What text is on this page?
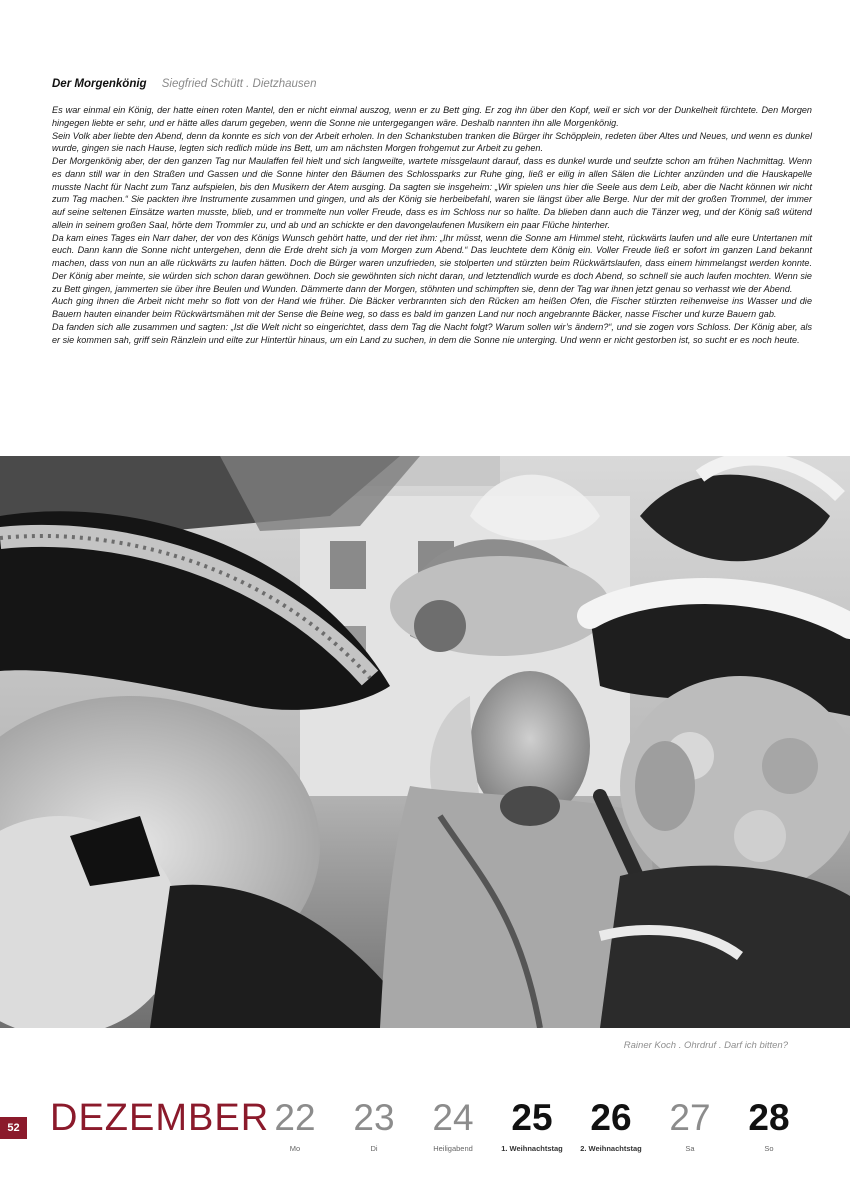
Der Morgenkönig Siegfried Schütt . Dietzhausen

Es war einmal ein König, der hatte einen roten Mantel, den er nicht einmal auszog, wenn er zu Bett ging. Er zog ihn über den Kopf, weil er sich vor der Dunkelheit fürchtete. Den Morgen hingegen liebte er sehr, und er hätte alles darum gegeben, wenn die Sonne nie untergegangen wäre. Deshalb nannten ihn alle Morgenkönig.

Sein Volk aber liebte den Abend, denn da konnte es sich von der Arbeit erholen. In den Schankstuben tranken die Bürger ihr Schöpplein, redeten über Altes und Neues, und wenn es dunkel wurde, gingen sie nach Hause, legten sich redlich müde ins Bett, um am nächsten Morgen frohgemut zur Arbeit zu gehen.

Der Morgenkönig aber, der den ganzen Tag nur Maulaffen feil hielt und sich langweilte, wartete missgelaunt darauf, dass es dunkel wurde und seufzte schon am frühen Nachmittag. Wenn es dann still war in den Straßen und Gassen und die Sonne hinter den Bäumen des Schlossparks zur Ruhe ging, ließ er eilig in allen Sälen die Lichter anzünden und die Hauskapelle musste Nacht für Nacht zum Tanz aufspielen, bis den Musikern der Atem ausging. Da sagten sie insgeheim: „Wir spielen uns hier die Seele aus dem Leib, aber die Nacht können wir nicht zum Tag machen.“ Sie packten ihre Instrumente zusammen und gingen, und als der König sie herbeibefahl, waren sie längst über alle Berge. Nur der mit der großen Trommel, der immer auf seine seltenen Einsätze warten musste, blieb, und er trommelte nun voller Freude, dass es im Schloss nur so hallte. Da blieben dann auch die Tänzer weg, und der König saß wütend allein in seinem großen Saal, hörte dem Trommler zu, und ab und an schickte er den davongelaufenen Musikern ein paar Flüche hinterher.

Da kam eines Tages ein Narr daher, der von des Königs Wunsch gehört hatte, und der riet ihm: „Ihr müsst, wenn die Sonne am Himmel steht, rückwärts laufen und alle eure Untertanen mit euch. Dann kann die Sonne nicht untergehen, denn die Erde dreht sich ja vom Morgen zum Abend.“ Das leuchtete dem König ein. Voller Freude ließ er sofort im ganzen Land bekannt machen, dass von nun an alle rückwärts zu laufen hätten. Doch die Bürger waren unzufrieden, sie stolperten und stürzten beim Rückwärtslaufen, dass einem himmelangst werden konnte. Der König aber meinte, sie würden sich schon daran gewöhnen. Doch sie gewöhnten sich nicht daran, und letztendlich wurde es doch Abend, so schnell sie auch laufen mochten. Wenn sie zu Bett gingen, jammerten sie über ihre Beulen und Wunden. Dämmerte dann der Morgen, stöhnten und schimpften sie, denn der Tag war ihnen jetzt genau so verhasst wie der Abend.

Auch ging ihnen die Arbeit nicht mehr so flott von der Hand wie früher. Die Bäcker verbrannten sich den Rücken am heißen Ofen, die Fischer stürzten reihenweise ins Wasser und die Bauern hauten einander beim Rückwärtsmähen mit der Sense die Beine weg, so dass es bald im ganzen Land nur noch angebrannte Bäcker, nasse Fischer und kurze Bauern gab.

Da fanden sich alle zusammen und sagten: „Ist die Welt nicht so eingerichtet, dass dem Tag die Nacht folgt? Warum sollen wir’s ändern?“, und sie zogen vors Schloss. Der König aber, als er sie kommen sah, griff sein Ränzlein und eilte zur Hintertür hinaus, um ein Land zu suchen, in dem die Sonne nie unterging. Und wenn er nicht gestorben ist, so sucht er es noch heute.

Rainer Koch . Ohrdruf . Darf ich bitten?
52 DEZEMBER 22
Mo
23
Di
24
Heiligabend
25
1. Weihnachtstag
26
2. Weihnachtstag
27
Sa
28
So
